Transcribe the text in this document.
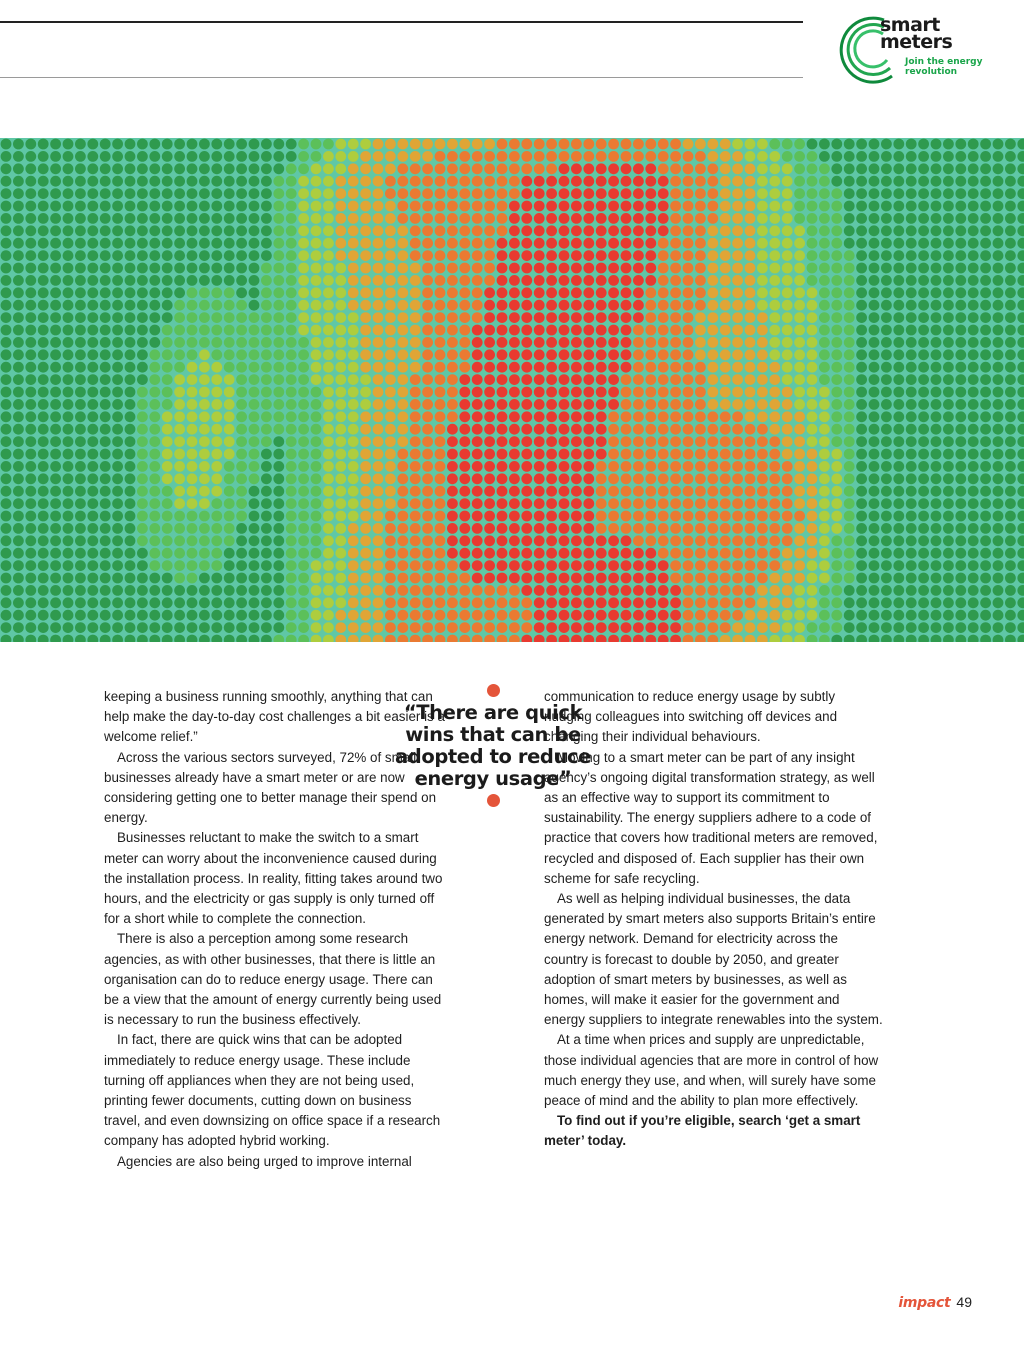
smart
meters
Join the energy revolution

keeping a business running smoothly, anything that can help make the day-to-day cost challenges a bit easier is a welcome relief.”

Across the various sectors surveyed, 72% of small businesses already have a smart meter or are now considering getting one to better manage their spend on energy.

Businesses reluctant to make the switch to a smart meter can worry about the inconvenience caused during the installation process. In reality, fitting takes around two hours, and the electricity or gas supply is only turned off for a short while to complete the connection.

There is also a perception among some research agencies, as with other businesses, that there is little an organisation can do to reduce energy usage. There can be a view that the amount of energy currently being used is necessary to run the business effectively.

In fact, there are quick wins that can be adopted immediately to reduce energy usage. These include turning off appliances when they are not being used, printing fewer documents, cutting down on business travel, and even downsizing on office space if a research company has adopted hybrid working.

Agencies are also being urged to improve internal

“There are quick wins that can be adopted to reduce energy usage”

communication to reduce energy usage by subtly nudging colleagues into switching off devices and changing their individual behaviours.

Moving to a smart meter can be part of any insight agency’s ongoing digital transformation strategy, as well as an effective way to support its commitment to sustainability. The energy suppliers adhere to a code of practice that covers how traditional meters are removed, recycled and disposed of. Each supplier has their own scheme for safe recycling.

As well as helping individual businesses, the data generated by smart meters also supports Britain’s entire energy network. Demand for electricity across the country is forecast to double by 2050, and greater adoption of smart meters by businesses, as well as homes, will make it easier for the government and energy suppliers to integrate renewables into the system.

At a time when prices and supply are unpredictable, those individual agencies that are more in control of how much energy they use, and when, will surely have some peace of mind and the ability to plan more effectively.

To find out if you’re eligible, search ‘get a smart meter’ today.

impact 49
